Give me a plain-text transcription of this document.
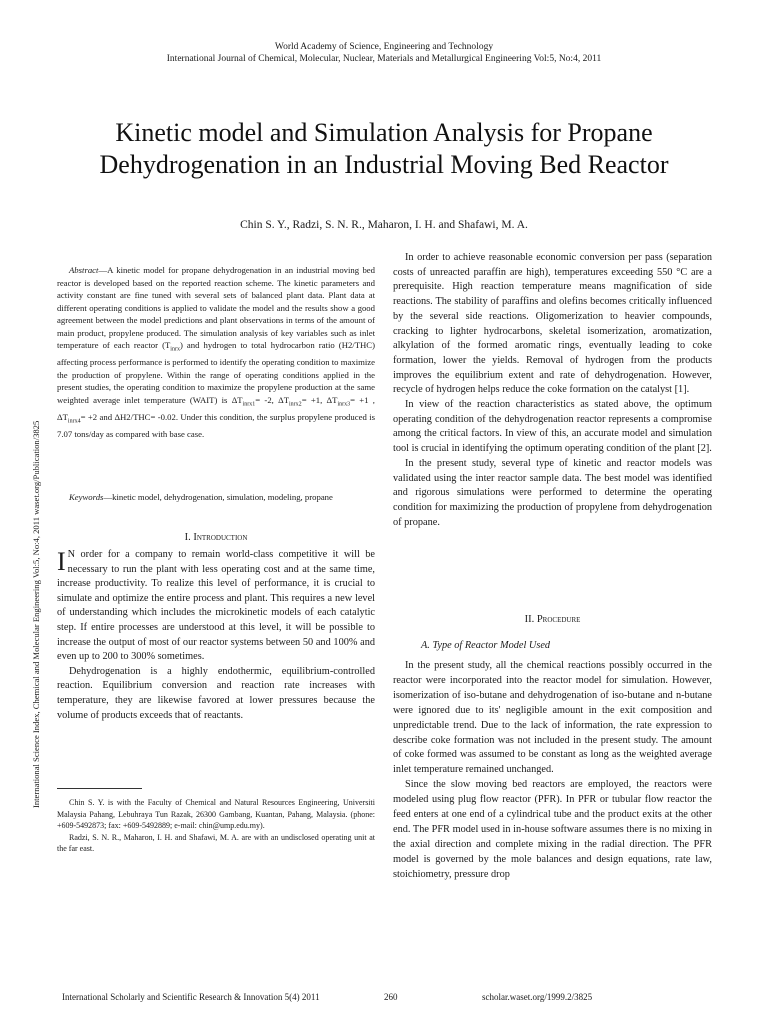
World Academy of Science, Engineering and Technology
International Journal of Chemical, Molecular, Nuclear, Materials and Metallurgical Engineering Vol:5, No:4, 2011
Kinetic model and Simulation Analysis for Propane Dehydrogenation in an Industrial Moving Bed Reactor
Chin S. Y., Radzi, S. N. R., Maharon, I. H. and Shafawi, M. A.
International Science Index, Chemical and Molecular Engineering Vol:5, No:4, 2011 waset.org/Publication/3825
Abstract—A kinetic model for propane dehydrogenation in an industrial moving bed reactor is developed based on the reported reaction scheme. The kinetic parameters and activity constant are fine tuned with several sets of balanced plant data. Plant data at different operating conditions is applied to validate the model and the results show a good agreement between the model predictions and plant observations in terms of the amount of main product, propylene produced. The simulation analysis of key variables such as inlet temperature of each reactor $(T_{inrx})$ and hydrogen to total hydrocarbon ratio (H2/THC) affecting process performance is performed to identify the operating condition to maximize the production of propylene. Within the range of operating conditions applied in the present studies, the operating condition to maximize the propylene production at the same weighted average inlet temperature (WAIT) is $\Delta T_{inrx1}= -2$, $\Delta T_{inrx2}= +1$, $\Delta T_{inrx3}= +1$ , $\Delta T_{inrx4}= +2$ and ΔH2/THC= -0.02. Under this condition, the surplus propylene produced is 7.07 tons/day as compared with base case.
Keywords—kinetic model, dehydrogenation, simulation, modeling, propane
I. Introduction

I N order for a company to remain world-class competitive it will be necessary to run the plant with less operating cost and at the same time, increase productivity. To realize this level of performance, it is crucial to simulate and optimize the entire process and plant. This requires a new level of understanding which includes the microkinetic models of each catalytic step. If entire processes are understood at this level, it will be possible to increase the output of most of our reactor systems between 50 and 100% and even up to 200 to 300% sometimes.

Dehydrogenation is a highly endothermic, equilibrium-controlled reaction. Equilibrium conversion and reaction rate increases with temperature, they are likewise favored at lower pressures because the volume of products exceeds that of reactants.

Chin S. Y. is with the Faculty of Chemical and Natural Resources Engineering, Universiti Malaysia Pahang, Lebuhraya Tun Razak, 26300 Gambang, Kuantan, Pahang, Malaysia. (phone: +609-5492873; fax: +609-5492889; e-mail: chin@ump.edu.my).

Radzi, S. N. R., Maharon, I. H. and Shafawi, M. A. are with an undisclosed operating unit at the far east.

In order to achieve reasonable economic conversion per pass (separation costs of unreacted paraffin are high), temperatures exceeding 550 °C are a prerequisite. High reaction temperature means magnification of side reactions. The stability of paraffins and olefins becomes critically influenced by the several side reactions. Oligomerization to heavier compounds, cracking to lighter hydrocarbons, skeletal isomerization, aromatization, alkylation of the formed aromatic rings, eventually leading to coke formation, lower the yields. Removal of hydrogen from the products improves the equilibrium extent and rate of dehydrogenation. However, recycle of hydrogen helps reduce the coke formation on the catalyst [1].

In view of the reaction characteristics as stated above, the optimum operating condition of the dehydrogenation reactor represents a compromise among the critical factors. In view of this, an accurate model and simulation tool is crucial in identifying the optimum operating condition of the plant [2].

In the present study, several type of kinetic and reactor models was validated using the inter reactor sample data. The best model was identified and rigorous simulations were performed to determine the operating condition for maximizing the production of propylene from dehydrogenation of propane.

II. Procedure
A. Type of Reactor Model Used

In the present study, all the chemical reactions possibly occurred in the reactor were incorporated into the reactor model for simulation. However, isomerization of iso-butane and dehydrogenation of iso-butane and n-butane were ignored due to its' negligible amount in the exit composition and unpredictable trend. Due to the lack of information, the rate expression to describe coke formation was not included in the present study. The amount of coke formed was assumed to be constant as long as the weighted average inlet temperature remained unchanged.

Since the slow moving bed reactors are employed, the reactors were modeled using plug flow reactor (PFR). In PFR or tubular flow reactor the feed enters at one end of a cylindrical tube and the product exits at the other end. The PFR model used in in-house software assumes there is no mixing in the axial direction and complete mixing in the radial direction. The PFR model is governed by the mole balances and design equations, rate law, stoichiometry, pressure drop

International Scholarly and Scientific Research & Innovation 5(4) 2011	260	scholar.waset.org/1999.2/3825
